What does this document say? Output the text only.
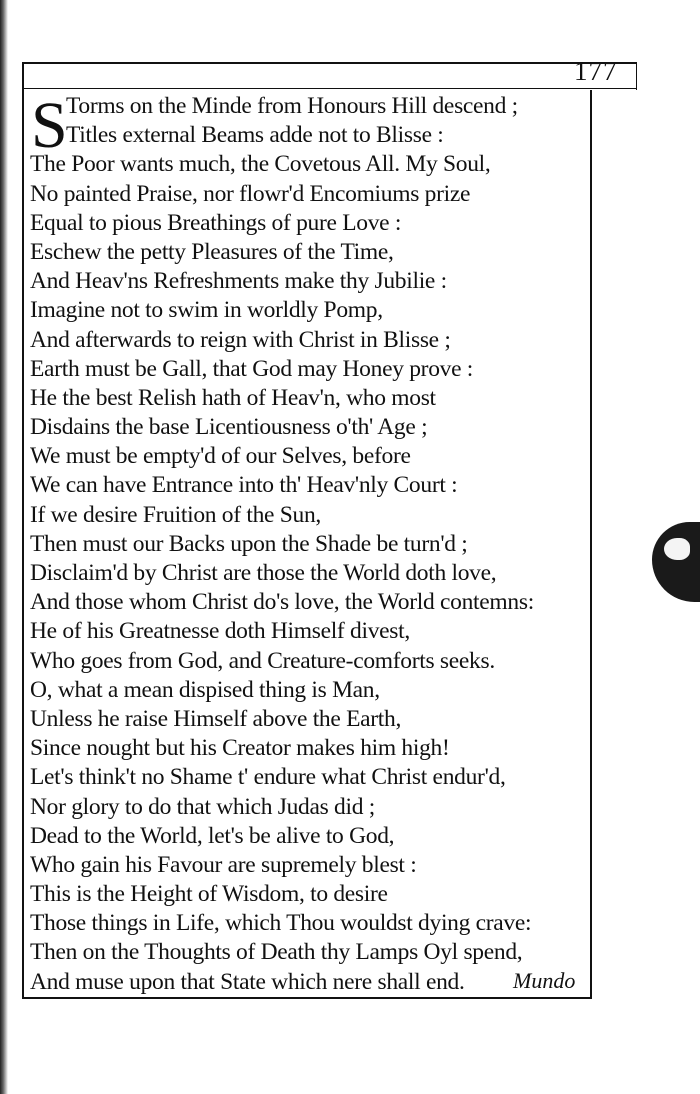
177
S
Torms on the Minde from Honours Hill descend ;
Titles external Beams adde not to Blisse :
The Poor wants much, the Covetous All. My Soul,
No painted Praise, nor flowr'd Encomiums prize
Equal to pious Breathings of pure Love :
Eschew the petty Pleasures of the Time,
And Heav'ns Refreshments make thy Jubilie :
Imagine not to swim in worldly Pomp,
And afterwards to reign with Christ in Blisse ;
Earth must be Gall, that God may Honey prove :
He the best Relish hath of Heav'n, who most
Disdains the base Licentiousness o'th' Age ;
We must be empty'd of our Selves, before
We can have Entrance into th' Heav'nly Court :
If we desire Fruition of the Sun,
Then must our Backs upon the Shade be turn'd ;
Disclaim'd by Christ are those the World doth love,
And those whom Christ do's love, the World contemns:
He of his Greatnesse doth Himself divest,
Who goes from God, and Creature-comforts seeks.
O, what a mean dispised thing is Man,
Unless he raise Himself above the Earth,
Since nought but his Creator makes him high!
Let's think't no Shame t' endure what Christ endur'd,
Nor glory to do that which Judas did ;
Dead to the World, let's be alive to God,
Who gain his Favour are supremely blest :
This is the Height of Wisdom, to desire
Those things in Life, which Thou wouldst dying crave:
Then on the Thoughts of Death thy Lamps Oyl spend,
And muse upon that State which nere shall end.	Mundo
